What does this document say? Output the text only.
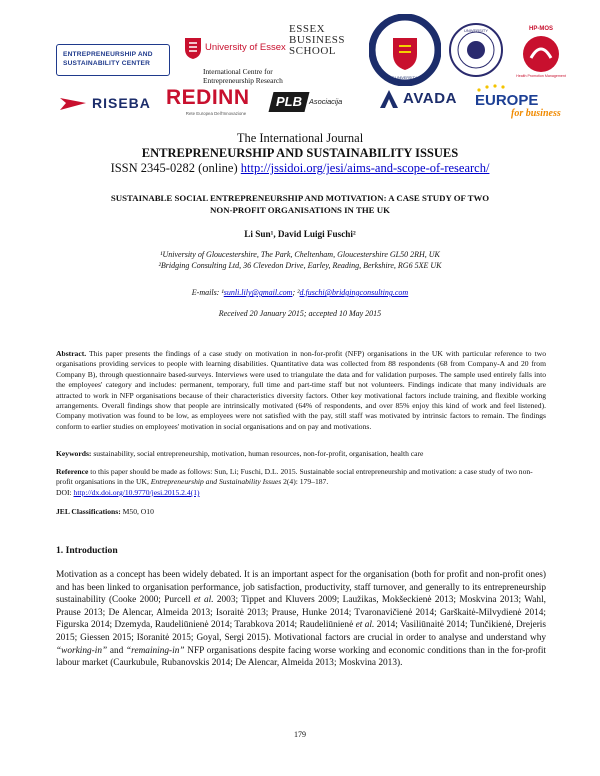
ENTREPRENEURSHIP AND SUSTAINABILITY CENTER
University of Essex
International Centre for
Entrepreneurship Research
ESSEX
BUSINESS
SCHOOL
THE UNIVERSITY OF SALFORD
UNIVERSITY	HP-MOS
Health Promotion Management
RISEBA REDINN
Rete Europea Dell'Innovazione
PLB Asociacija	AVADA EUROPE
for business
The International Journal
ENTREPRENEURSHIP AND SUSTAINABILITY ISSUES
ISSN 2345-0282 (online) http://jssidoi.org/jesi/aims-and-scope-of-research/
SUSTAINABLE SOCIAL ENTREPRENEURSHIP AND MOTIVATION: A CASE STUDY OF TWO
NON-PROFIT ORGANISATIONS IN THE UK
Li Sun¹, David Luigi Fuschi²
¹University of Gloucestershire, The Park, Cheltenham, Gloucestershire GL50 2RH, UK
²Bridging Consulting Ltd, 36 Clevedon Drive, Earley, Reading, Berkshire, RG6 5XE UK
E-mails: ¹sunli.lily@gmail.com; ²d.fuschi@bridgingconsulting.com
Received 20 January 2015; accepted 10 May 2015
Abstract. This paper presents the findings of a case study on motivation in non-for-profit (NFP) organisations in the UK with particular reference to two organisations providing services to people with learning disabilities. Quantitative data was collected from 88 respondents (68 from Company-A and 20 from Company B), through questionnaire based-surveys. Interviews were used to triangulate the data and for validation purposes. The sample used entirely falls into the employees' category and includes: permanent, temporary, full time and part-time staff but not volunteers. Findings indicate that many individuals are attracted to work in NFP organisations because of their characteristics diversity factors. Other key motivational factors include training, and flexible working arrangements. Overall findings show that people are intrinsically motivated (64% of respondents, and over 85% enjoy this kind of work and feel listened). Company motivation was found to be low, as employees were not satisfied with the pay, still staff was motivated by intrinsic factors to remain. The findings conform to earlier studies on employees' motivation in social organisations and on pay and motivations.
Keywords: sustainability, social entrepreneurship, motivation, human resources, non-for-profit, organisation, health care
Reference to this paper should be made as follows: Sun, Li; Fuschi, D.L. 2015. Sustainable social entrepreneurship and motivation: a case study of two non-profit organisations in the UK, Entrepreneurship and Sustainability Issues 2(4): 179–187.
DOI: http://dx.doi.org/10.9770/jesi.2015.2.4(1)
JEL Classifications: M50, O10
1. Introduction
Motivation as a concept has been widely debated. It is an important aspect for the organisation (both for profit and non-profit ones) and has been linked to organisation performance, job satisfaction, productivity, staff turnover, and generally to its entrepreneurship sustainability (Cooke 2000; Purcell et al. 2003; Tippet and Kluvers 2009; Laužikas, Mokšeckienė 2013; Moskvina 2013; Wahl, Prause 2013; De Alencar, Almeida 2013; Isoraitė 2013; Prause, Hunke 2014; Tvaronavičienė 2014; Garškaitė-Milvydienė 2014; Figurska 2014; Dzemyda, Raudeliūnienė 2014; Tarabkova 2014; Raudeliūnienė et al. 2014; Vasiliūnaitė 2014; Tunčikienė, Drejeris 2015; Giessen 2015; Išoranitė 2015; Goyal, Sergi 2015). Motivational factors are crucial in order to analyse and understand why “working-in” and “remaining-in” NFP organisations despite facing worse working and economic conditions than in the for-profit labour market (Caurkubule, Rubanovskis 2014; De Alencar, Almeida 2013; Moskvina 2013).
179
